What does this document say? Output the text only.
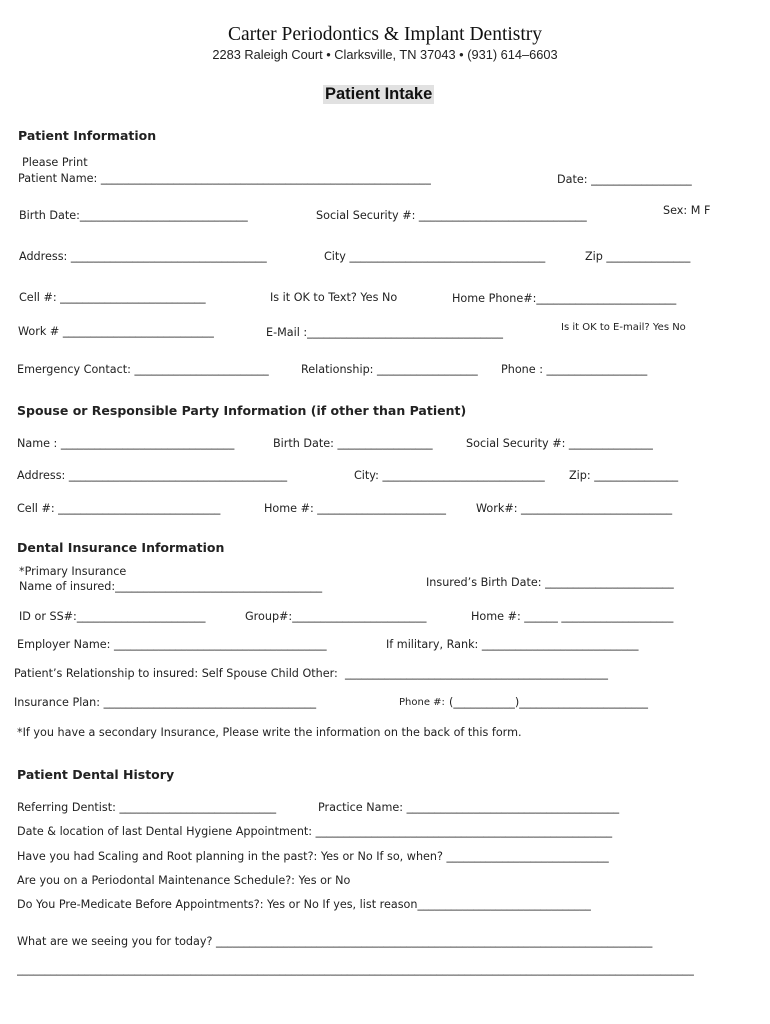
Carter Periodontics & Implant Dentistry
2283 Raleigh Court • Clarksville, TN 37043 • (931) 614–6603
Patient Intake
Patient Information
Please Print
Patient Name: ___________________________________________________________	Date: __________________
Birth Date:______________________________	Social Security #: ______________________________	Sex: M F
Address: ___________________________________	City ___________________________________	Zip _______________
Cell #: __________________________	Is it OK to Text? Yes No	Home Phone#:_________________________
Work # ___________________________	E-Mail :___________________________________	Is it OK to E-mail? Yes No
Emergency Contact: ________________________	Relationship: __________________ Phone : __________________
Spouse or Responsible Party Information (if other than Patient)
Name : _______________________________	Birth Date: _________________	Social Security #: _______________
Address: _______________________________________	City: _____________________________ Zip: _______________
Cell #: _____________________________	Home #: _______________________	Work#: ___________________________
Dental Insurance Information
*Primary Insurance
Name of insured:_____________________________________	Insured’s Birth Date: _______________________
ID or SS#:_______________________	Group#:________________________	Home #: ______ ____________________
Employer Name: ______________________________________	If military, Rank: ____________________________
Patient’s Relationship to insured: Self Spouse Child Other: _______________________________________________
Insurance Plan: ______________________________________	Phone #: (___________)_______________________
*If you have a secondary Insurance, Please write the information on the back of this form.
Patient Dental History
Referring Dentist: ____________________________	Practice Name: ______________________________________
Date & location of last Dental Hygiene Appointment: _____________________________________________________
Have you had Scaling and Root planning in the past?: Yes or No If so, when? _____________________________
Are you on a Periodontal Maintenance Schedule?: Yes or No
Do You Pre-Medicate Before Appointments?: Yes or No If yes, list reason_______________________________
What are we seeing you for today? ______________________________________________________________________________
_________________________________________________________________________________________________________________________
